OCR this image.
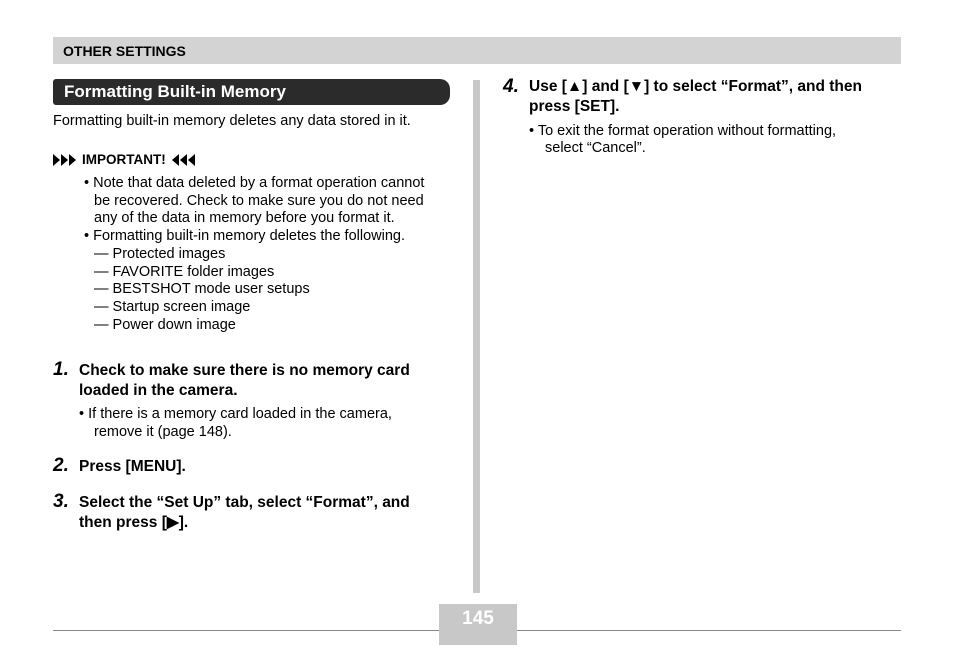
OTHER SETTINGS
Formatting Built-in Memory
Formatting built-in memory deletes any data stored in it.
IMPORTANT!
• Note that data deleted by a format operation cannot
be recovered. Check to make sure you do not need
any of the data in memory before you format it.
• Formatting built-in memory deletes the following.
— Protected images
— FAVORITE folder images
— BESTSHOT mode user setups
— Startup screen image
— Power down image
1. Check to make sure there is no memory card
loaded in the camera.
• If there is a memory card loaded in the camera,
remove it (page 148).
2. Press [MENU].
3. Select the “Set Up” tab, select “Format”, and
then press [▶].
4. Use [▲] and [▼] to select “Format”, and then
press [SET].
• To exit the format operation without formatting,
select “Cancel”.
145
